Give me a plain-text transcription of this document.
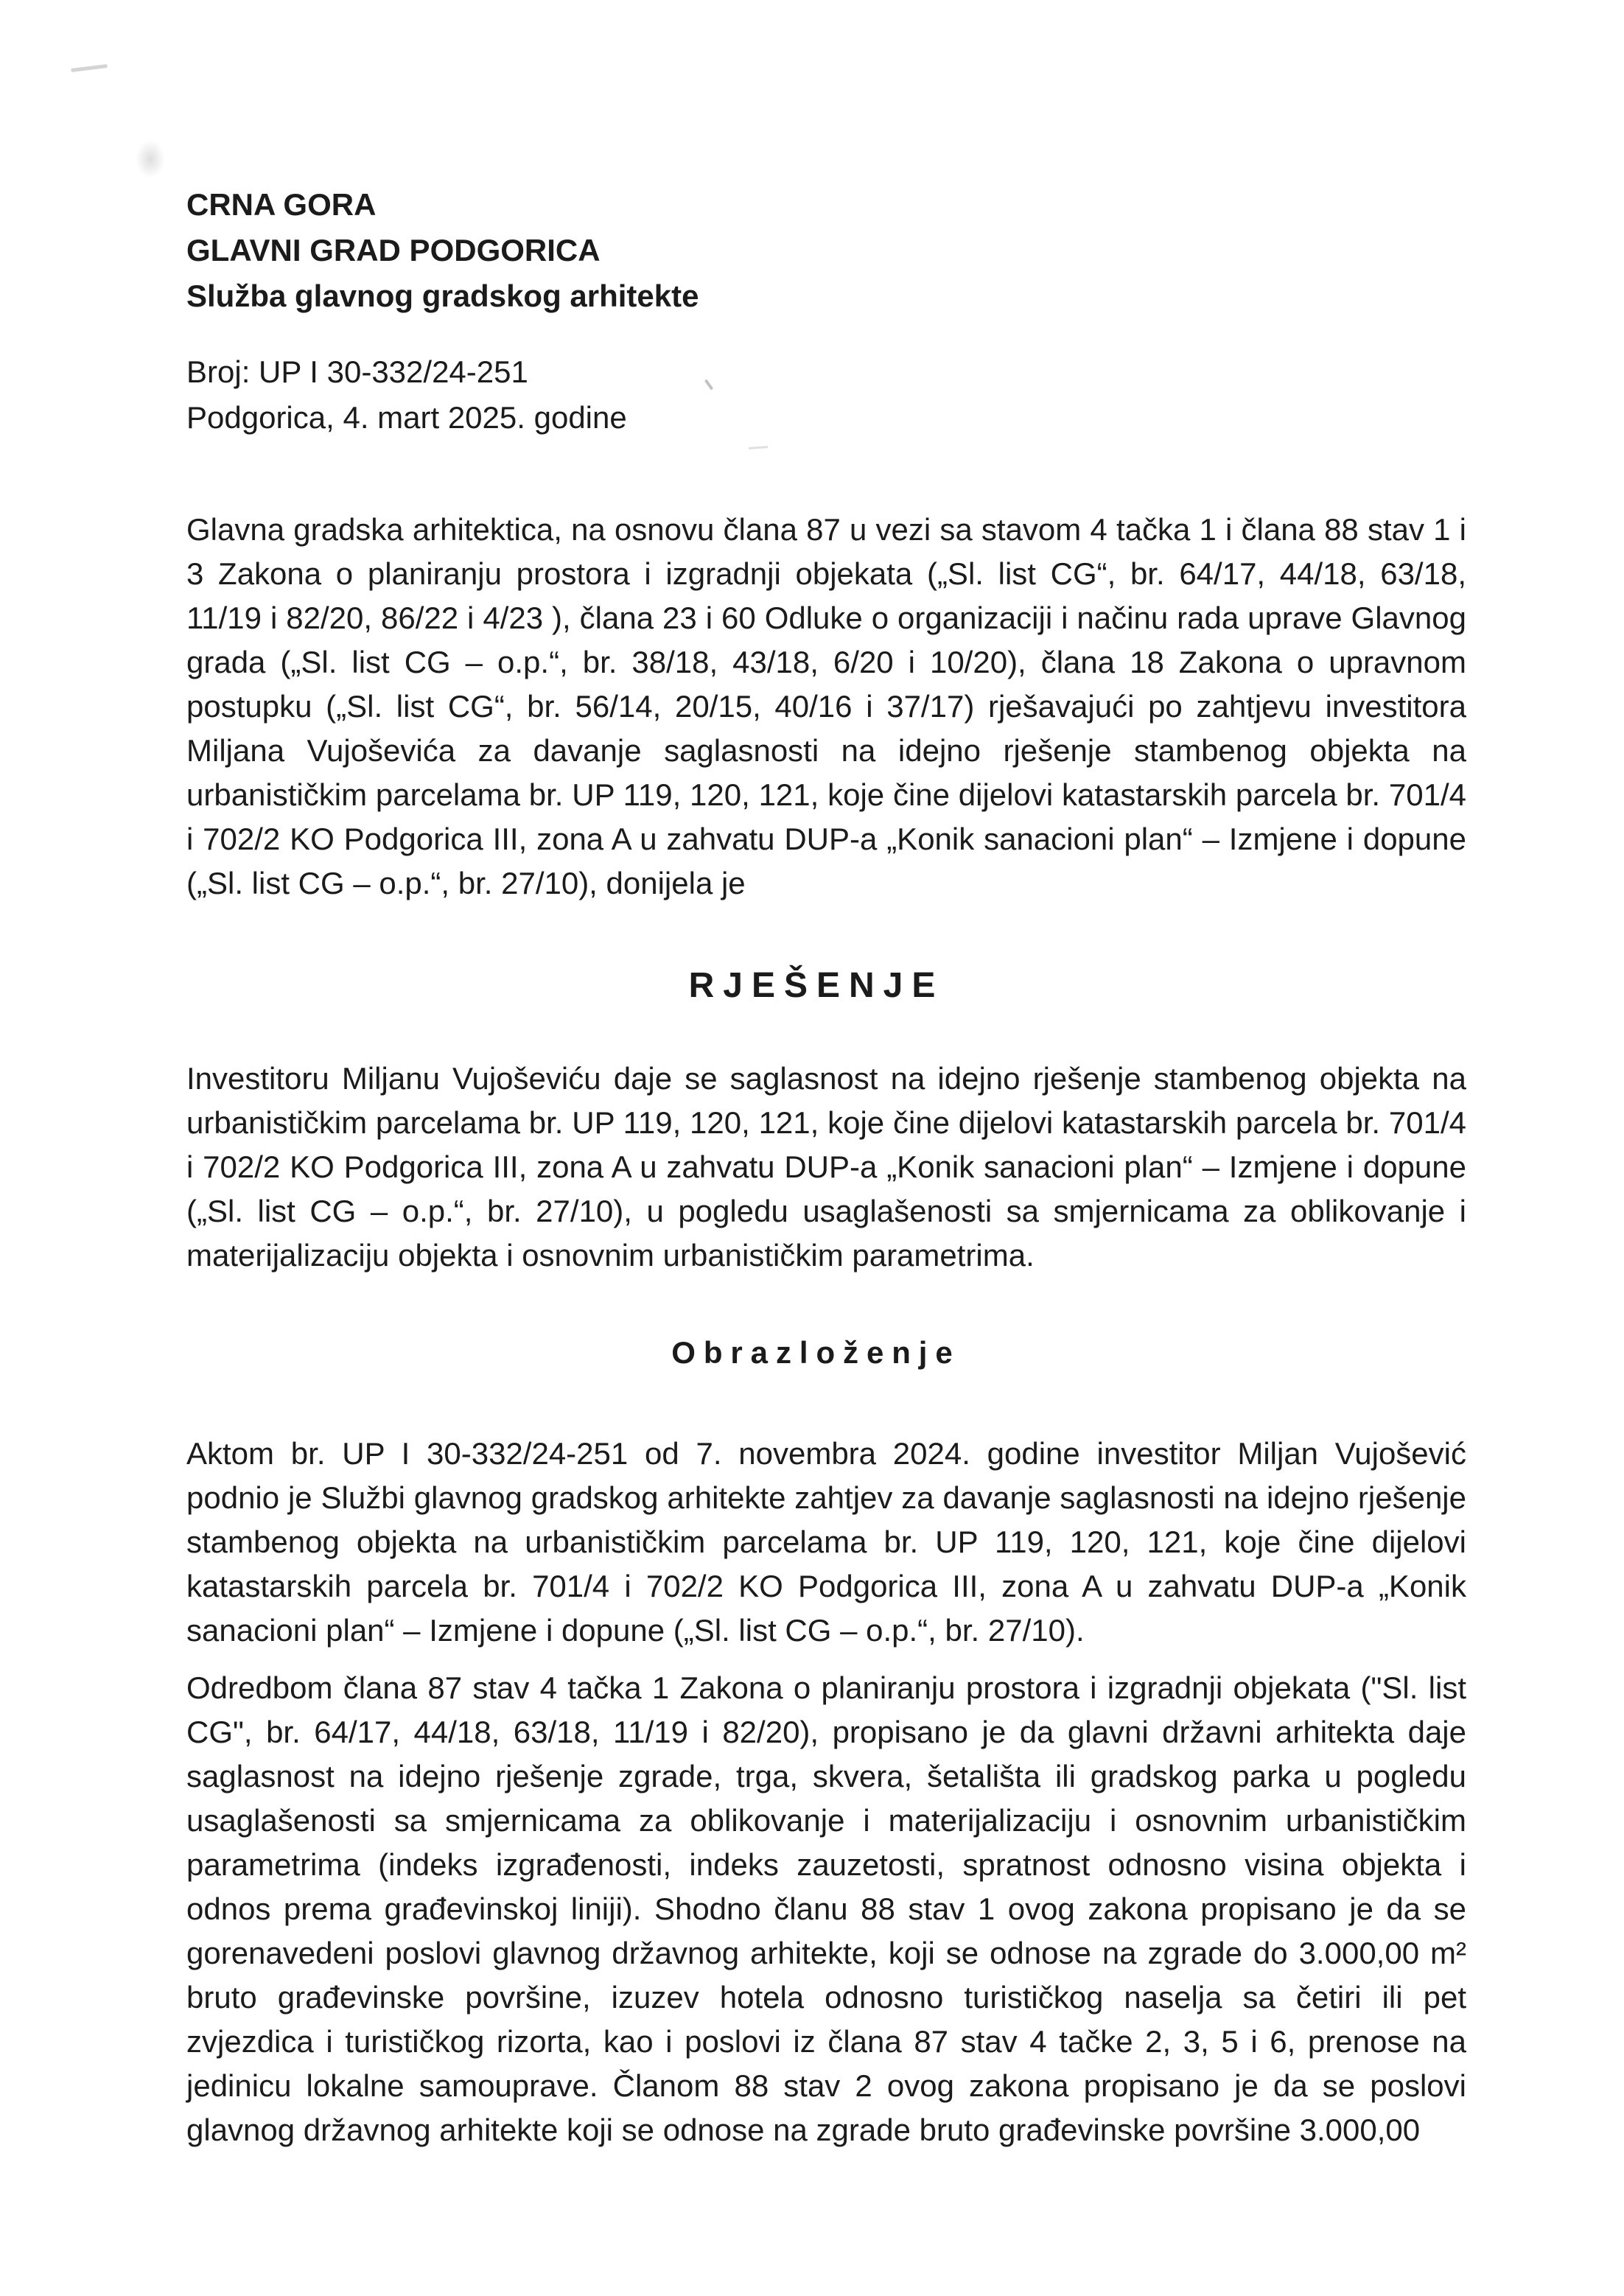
CRNA GORA
GLAVNI GRAD PODGORICA
Služba glavnog gradskog arhitekte
Broj: UP I 30-332/24-251
Podgorica, 4. mart 2025. godine

Glavna gradska arhitektica, na osnovu člana 87 u vezi sa stavom 4 tačka 1 i člana 88 stav 1 i 3 Zakona o planiranju prostora i izgradnji objekata („Sl. list CG“, br. 64/17, 44/18, 63/18, 11/19 i 82/20, 86/22 i 4/23 ), člana 23 i 60 Odluke o organizaciji i načinu rada uprave Glavnog grada („Sl. list CG – o.p.“, br. 38/18, 43/18, 6/20 i 10/20), člana 18 Zakona o upravnom postupku („Sl. list CG“, br. 56/14, 20/15, 40/16 i 37/17) rješavajući po zahtjevu investitora Miljana Vujoševića za davanje saglasnosti na idejno rješenje stambenog objekta na urbanističkim parcelama br. UP 119, 120, 121, koje čine dijelovi katastarskih parcela br. 701/4 i 702/2 KO Podgorica III, zona A u zahvatu DUP-a „Konik sanacioni plan“ – Izmjene i dopune („Sl. list CG – o.p.“, br. 27/10), donijela je

RJEŠENJE

Investitoru Miljanu Vujoševiću daje se saglasnost na idejno rješenje stambenog objekta na urbanističkim parcelama br. UP 119, 120, 121, koje čine dijelovi katastarskih parcela br. 701/4 i 702/2 KO Podgorica III, zona A u zahvatu DUP-a „Konik sanacioni plan“ – Izmjene i dopune („Sl. list CG – o.p.“, br. 27/10), u pogledu usaglašenosti sa smjernicama za oblikovanje i materijalizaciju objekta i osnovnim urbanističkim parametrima.

Obrazloženje

Aktom br. UP I 30-332/24-251 od 7. novembra 2024. godine investitor Miljan Vujošević podnio je Službi glavnog gradskog arhitekte zahtjev za davanje saglasnosti na idejno rješenje stambenog objekta na urbanističkim parcelama br. UP 119, 120, 121, koje čine dijelovi katastarskih parcela br. 701/4 i 702/2 KO Podgorica III, zona A u zahvatu DUP-a „Konik sanacioni plan“ – Izmjene i dopune („Sl. list CG – o.p.“, br. 27/10).

Odredbom člana 87 stav 4 tačka 1 Zakona o planiranju prostora i izgradnji objekata ("Sl. list CG", br. 64/17, 44/18, 63/18, 11/19 i 82/20), propisano je da glavni državni arhitekta daje saglasnost na idejno rješenje zgrade, trga, skvera, šetališta ili gradskog parka u pogledu usaglašenosti sa smjernicama za oblikovanje i materijalizaciju i osnovnim urbanističkim parametrima (indeks izgrađenosti, indeks zauzetosti, spratnost odnosno visina objekta i odnos prema građevinskoj liniji). Shodno članu 88 stav 1 ovog zakona propisano je da se gorenavedeni poslovi glavnog državnog arhitekte, koji se odnose na zgrade do 3.000,00 m² bruto građevinske površine, izuzev hotela odnosno turističkog naselja sa četiri ili pet zvjezdica i turističkog rizorta, kao i poslovi iz člana 87 stav 4 tačke 2, 3, 5 i 6, prenose na jedinicu lokalne samouprave. Članom 88 stav 2 ovog zakona propisano je da se poslovi glavnog državnog arhitekte koji se odnose na zgrade bruto građevinske površine 3.000,00
